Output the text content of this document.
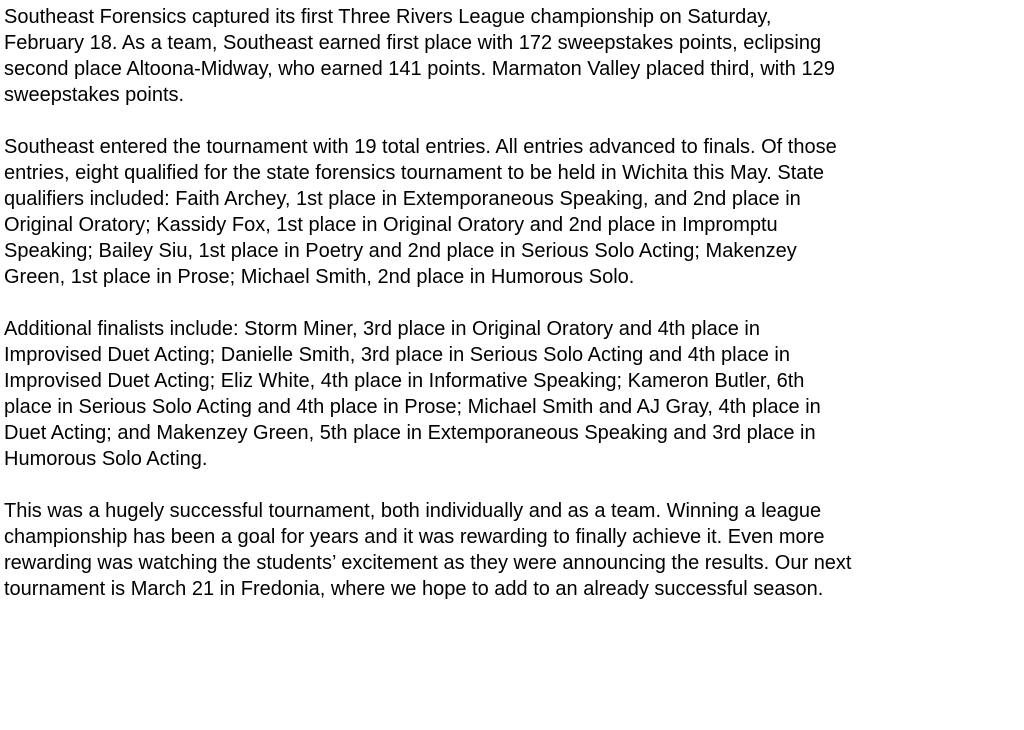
Southeast Forensics captured its first Three Rivers League championship on Saturday,
February 18. As a team, Southeast earned first place with 172 sweepstakes points, eclipsing
second place Altoona-Midway, who earned 141 points. Marmaton Valley placed third, with 129
sweepstakes points.
Southeast entered the tournament with 19 total entries. All entries advanced to finals. Of those
entries, eight qualified for the state forensics tournament to be held in Wichita this May. State
qualifiers included: Faith Archey, 1st place in Extemporaneous Speaking, and 2nd place in
Original Oratory; Kassidy Fox, 1st place in Original Oratory and 2nd place in Impromptu
Speaking; Bailey Siu, 1st place in Poetry and 2nd place in Serious Solo Acting; Makenzey
Green, 1st place in Prose; Michael Smith, 2nd place in Humorous Solo.
Additional finalists include: Storm Miner, 3rd place in Original Oratory and 4th place in
Improvised Duet Acting; Danielle Smith, 3rd place in Serious Solo Acting and 4th place in
Improvised Duet Acting; Eliz White, 4th place in Informative Speaking; Kameron Butler, 6th
place in Serious Solo Acting and 4th place in Prose; Michael Smith and AJ Gray, 4th place in
Duet Acting; and Makenzey Green, 5th place in Extemporaneous Speaking and 3rd place in
Humorous Solo Acting.
This was a hugely successful tournament, both individually and as a team. Winning a league
championship has been a goal for years and it was rewarding to finally achieve it. Even more
rewarding was watching the students’ excitement as they were announcing the results. Our next
tournament is March 21 in Fredonia, where we hope to add to an already successful season.
